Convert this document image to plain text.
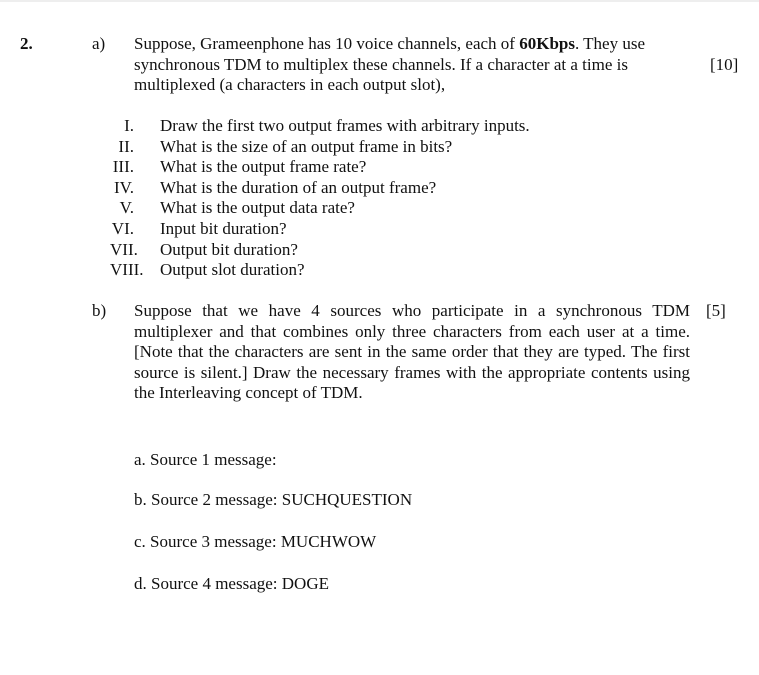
2.	a) Suppose, Grameenphone has 10 voice channels, each of 60Kbps. They use synchronous TDM to multiplex these channels. If a character at a time is multiplexed (a characters in each output slot),
[10]
I.	Draw the first two output frames with arbitrary inputs.
II.	What is the size of an output frame in bits?
III.	What is the output frame rate?
IV.	What is the duration of an output frame?
V.	What is the output data rate?
VI.	Input bit duration?
VII.	Output bit duration?
VIII. Output slot duration?
b) Suppose that we have 4 sources who participate in a synchronous TDM multiplexer and that combines only three characters from each user at a time. [Note that the characters are sent in the same order that they are typed. The first source is silent.] Draw the necessary frames with the appropriate contents using the Interleaving concept of TDM.
[5]
a. Source 1 message:
b. Source 2 message: SUCHQUESTION
c. Source 3 message: MUCHWOW
d. Source 4 message: DOGE
